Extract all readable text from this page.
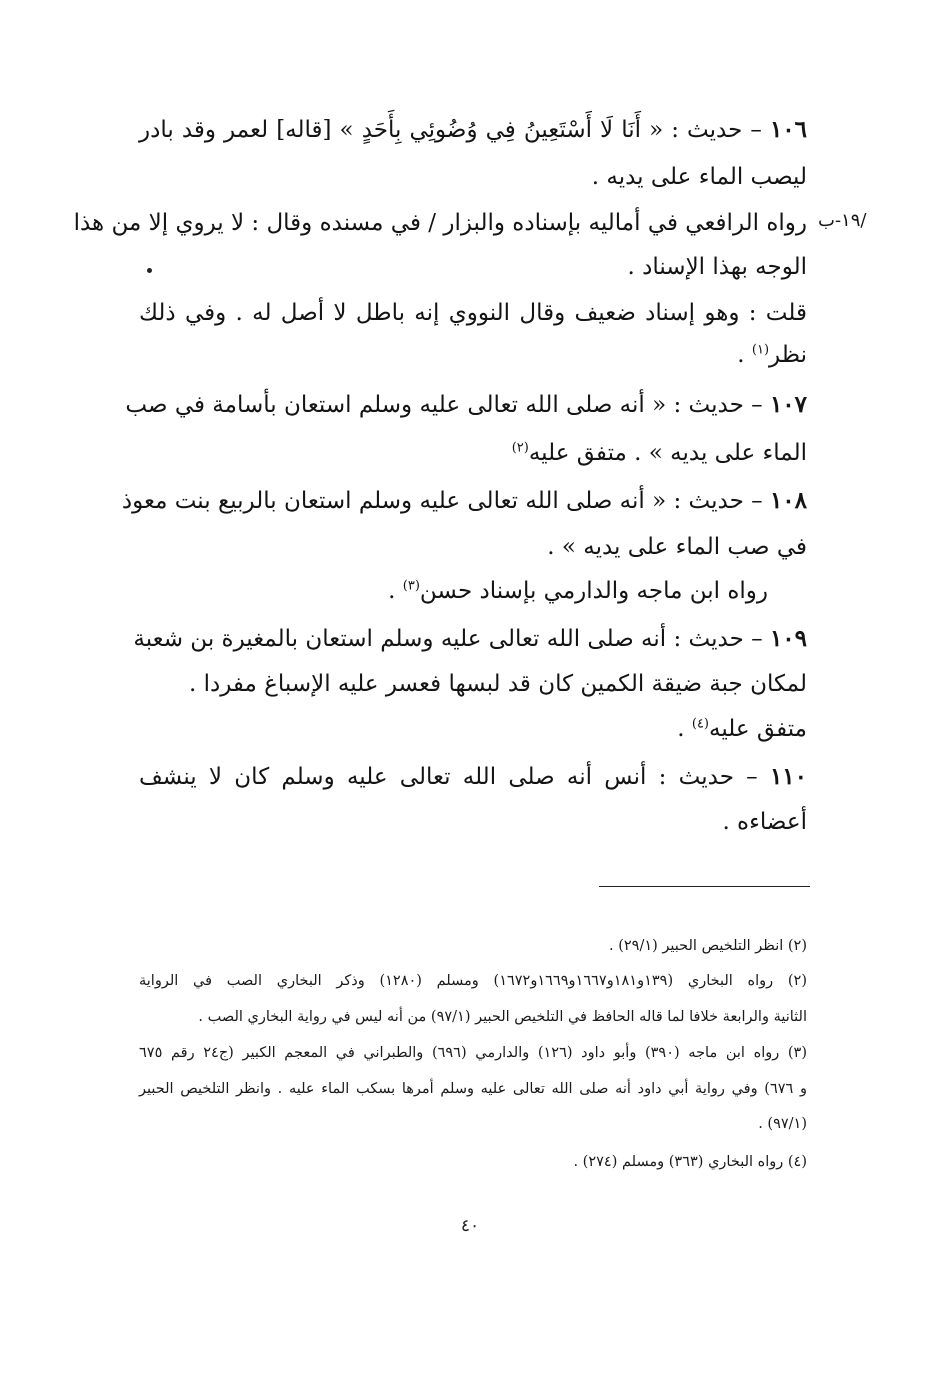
١٠٦ – حديث : « أَنَا لَا أَسْتَعِينُ فِي وُضُوئِي بِأَحَدٍ » [قاله] لعمر وقد بادر
ليصب الماء على يديه .
/١٩-ب
رواه الرافعي في أماليه بإسناده والبزار / في مسنده وقال : لا يروي إلا من هذا
الوجه بهذا الإسناد .
قلت : وهو إسناد ضعيف وقال النووي إنه باطل لا أصل له . وفي ذلك
نظر$^{(١)}$ .
١٠٧ – حديث : « أنه صلى الله تعالى عليه وسلم استعان بأسامة في صب
الماء على يديه » . متفق عليه$^{(٢)}$
١٠٨ – حديث : « أنه صلى الله تعالى عليه وسلم استعان بالربيع بنت معوذ
في صب الماء على يديه » .
رواه ابن ماجه والدارمي بإسناد حسن$^{(٣)}$ .
١٠٩ – حديث : أنه صلى الله تعالى عليه وسلم استعان بالمغيرة بن شعبة
لمكان جبة ضيقة الكمين كان قد لبسها فعسر عليه الإسباغ مفردا .
متفق عليه$^{(٤)}$ .
١١٠ – حديث : أنس أنه صلى الله تعالى عليه وسلم كان لا ينشف
أعضاءه .
(٢) انظر التلخيص الحبير (٢٩/١) .
(٢) رواه البخاري (١٣٩و١٨١و١٦٦٧و١٦٦٩و١٦٧٢) ومسلم (١٢٨٠) وذكر البخاري الصب في الرواية
الثانية والرابعة خلافا لما قاله الحافظ في التلخيص الحبير (٩٧/١) من أنه ليس في رواية البخاري الصب .
(٣) رواه ابن ماجه (٣٩٠) وأبو داود (١٢٦) والدارمي (٦٩٦) والطبراني في المعجم الكبير (ج٢٤ رقم ٦٧٥
و ٦٧٦) وفي رواية أبي داود أنه صلى الله تعالى عليه وسلم أمرها بسكب الماء عليه . وانظر التلخيص الحبير
(٩٧/١) .
(٤) رواه البخاري (٣٦٣) ومسلم (٢٧٤) .
٤٠
